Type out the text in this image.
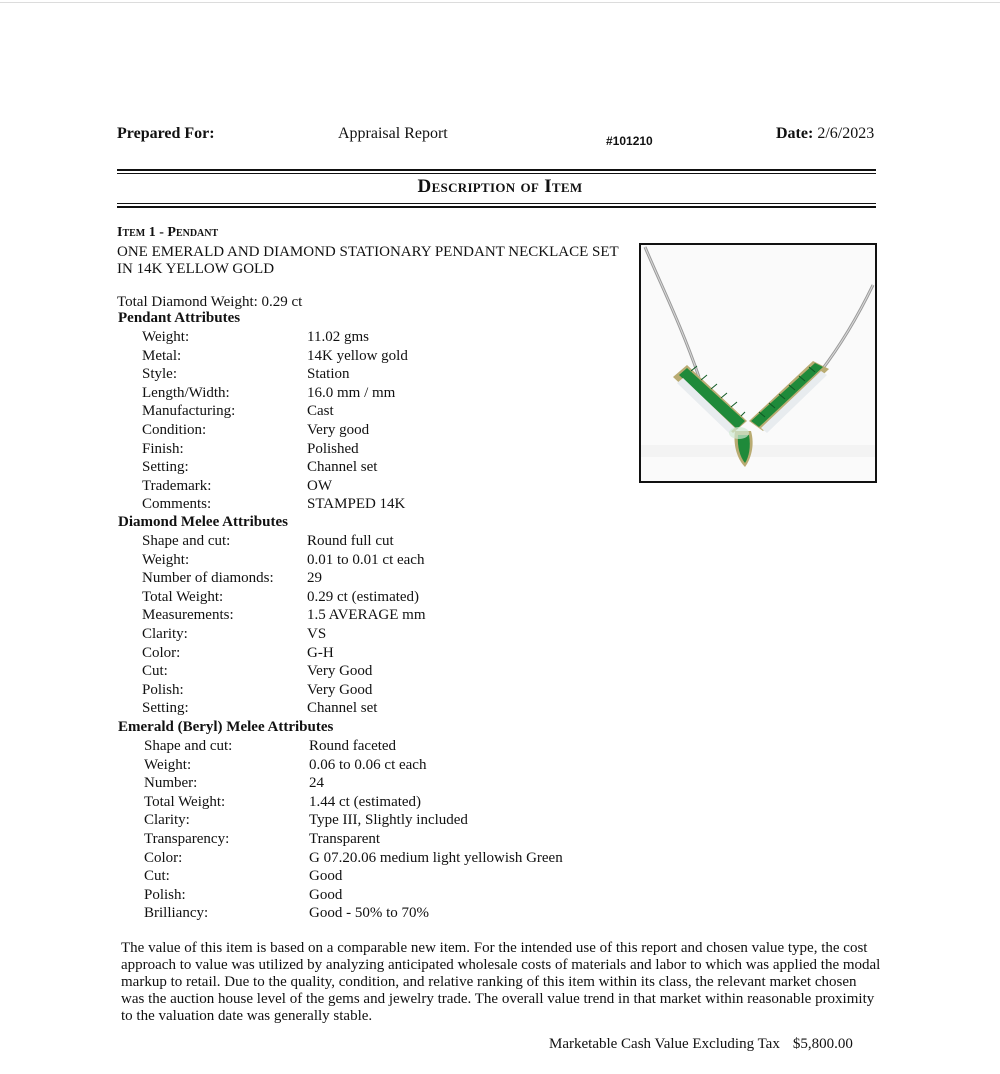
Prepared For:	Appraisal Report	#101210	Date: 2/6/2023
Description of Item
Item 1 - Pendant
ONE EMERALD AND DIAMOND STATIONARY PENDANT NECKLACE SET IN 14K YELLOW GOLD
Total Diamond Weight: 0.29 ct
Pendant Attributes
Weight:	11.02 gms
Metal:	14K yellow gold
Style:	Station
Length/Width:	16.0 mm / mm
Manufacturing:	Cast
Condition:	Very good
Finish:	Polished
Setting:	Channel set
Trademark:	OW
Comments:	STAMPED 14K
Diamond Melee Attributes
Shape and cut:	Round full cut
Weight:	0.01 to 0.01 ct each
Number of diamonds: 29
Total Weight:	0.29 ct (estimated)
Measurements:	1.5 AVERAGE mm
Clarity:	VS
Color:	G-H
Cut:	Very Good
Polish:	Very Good
Setting:	Channel set
Emerald (Beryl) Melee Attributes
Shape and cut:	Round faceted
Weight:	0.06 to 0.06 ct each
Number:	24
Total Weight:	1.44 ct (estimated)
Clarity:	Type III, Slightly included
Transparency:	Transparent
Color:	G 07.20.06 medium light yellowish Green
Cut:	Good
Polish:	Good
Brilliancy:	Good - 50% to 70%
The value of this item is based on a comparable new item. For the intended use of this report and chosen value type, the cost approach to value was utilized by analyzing anticipated wholesale costs of materials and labor to which was applied the modal markup to retail. Due to the quality, condition, and relative ranking of this item within its class, the relevant market chosen was the auction house level of the gems and jewelry trade. The overall value trend in that market within reasonable proximity to the valuation date was generally stable.
Marketable Cash Value Excluding Tax $5,800.00
